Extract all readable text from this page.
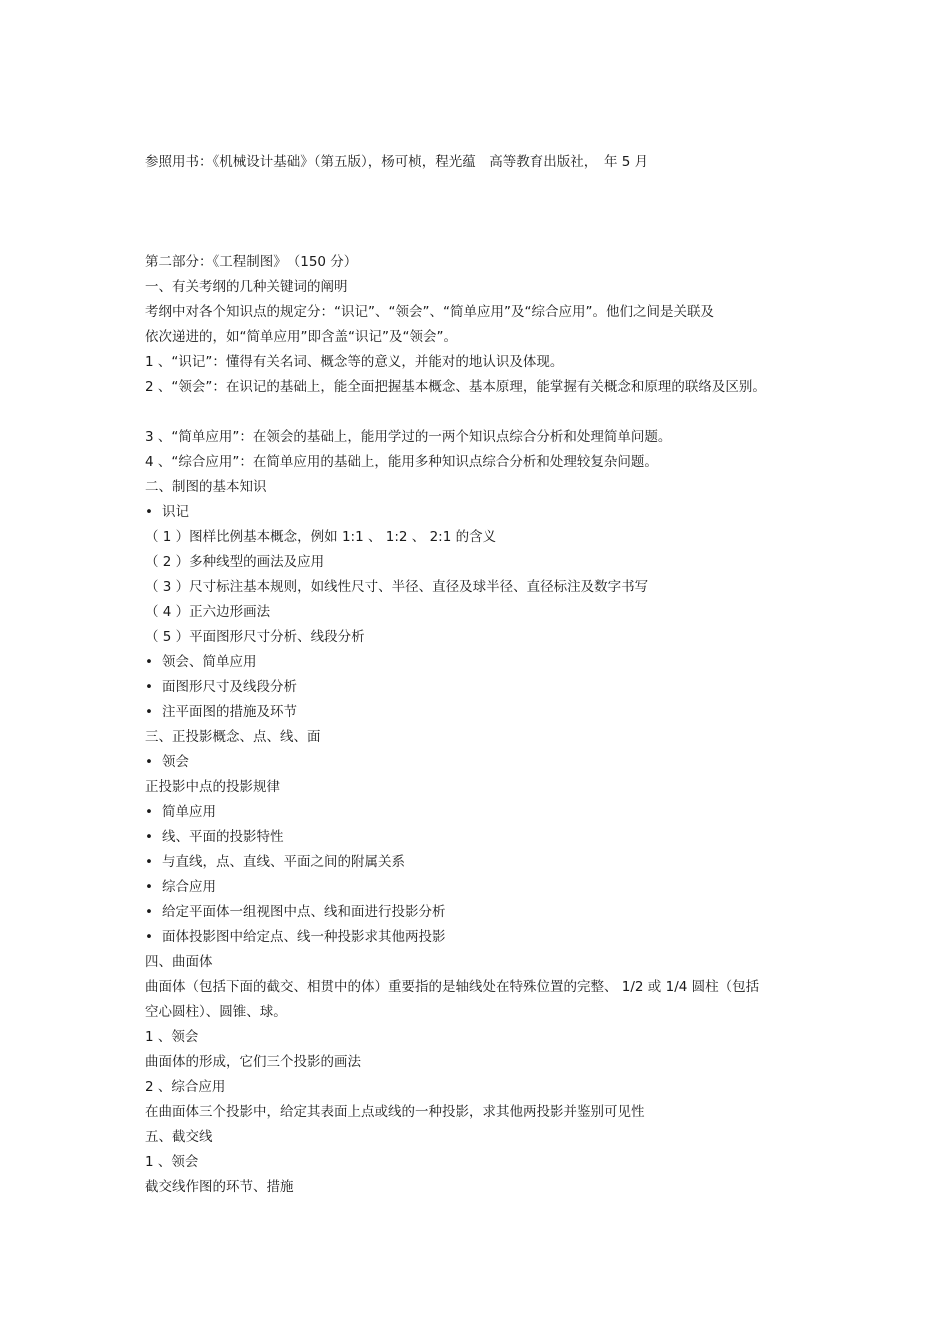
参照用书：《机械设计基础》（第五版），杨可桢，程光蕴　高等教育出版社，　年 5 月
第二部分：《工程制图》　（150 分）
一、有关考纲的几种关键词的阐明
考纲中对各个知识点的规定分：“识记”、“领会”、“简单应用”及“综合应用”。他们之间是关联及
依次递进的，如“简单应用”即含盖“识记”及“领会”。
1 、“识记”：懂得有关名词、概念等的意义，并能对的地认识及体现。
2 、“领会”：在识记的基础上，能全面把握基本概念、基本原理，能掌握有关概念和原理的联络及区别。
3 、“简单应用”：在领会的基础上，能用学过的一两个知识点综合分析和处理简单问题。
4 、“综合应用”：在简单应用的基础上，能用多种知识点综合分析和处理较复杂问题。
二、制图的基本知识
• 识记
（ 1 ）图样比例基本概念，例如 1:1 、 1:2 、 2:1 的含义
（ 2 ）多种线型的画法及应用
（ 3 ）尺寸标注基本规则，如线性尺寸、半径、直径及球半径、直径标注及数字书写
（ 4 ）正六边形画法
（ 5 ）平面图形尺寸分析、线段分析
• 领会、简单应用
• 面图形尺寸及线段分析
• 注平面图的措施及环节
三、正投影概念、点、线、面
• 领会
正投影中点的投影规律
• 简单应用
• 线、平面的投影特性
• 与直线，点、直线、平面之间的附属关系
• 综合应用
• 给定平面体一组视图中点、线和面进行投影分析
• 面体投影图中给定点、线一种投影求其他两投影
四、曲面体
曲面体（包括下面的截交、相贯中的体）重要指的是轴线处在特殊位置的完整、 1/2 或 1/4 圆柱（包括
空心圆柱）、圆锥、球。
1 、领会
曲面体的形成，它们三个投影的画法
2 、综合应用
在曲面体三个投影中，给定其表面上点或线的一种投影，求其他两投影并鉴别可见性
五、截交线
1 、领会
截交线作图的环节、措施
